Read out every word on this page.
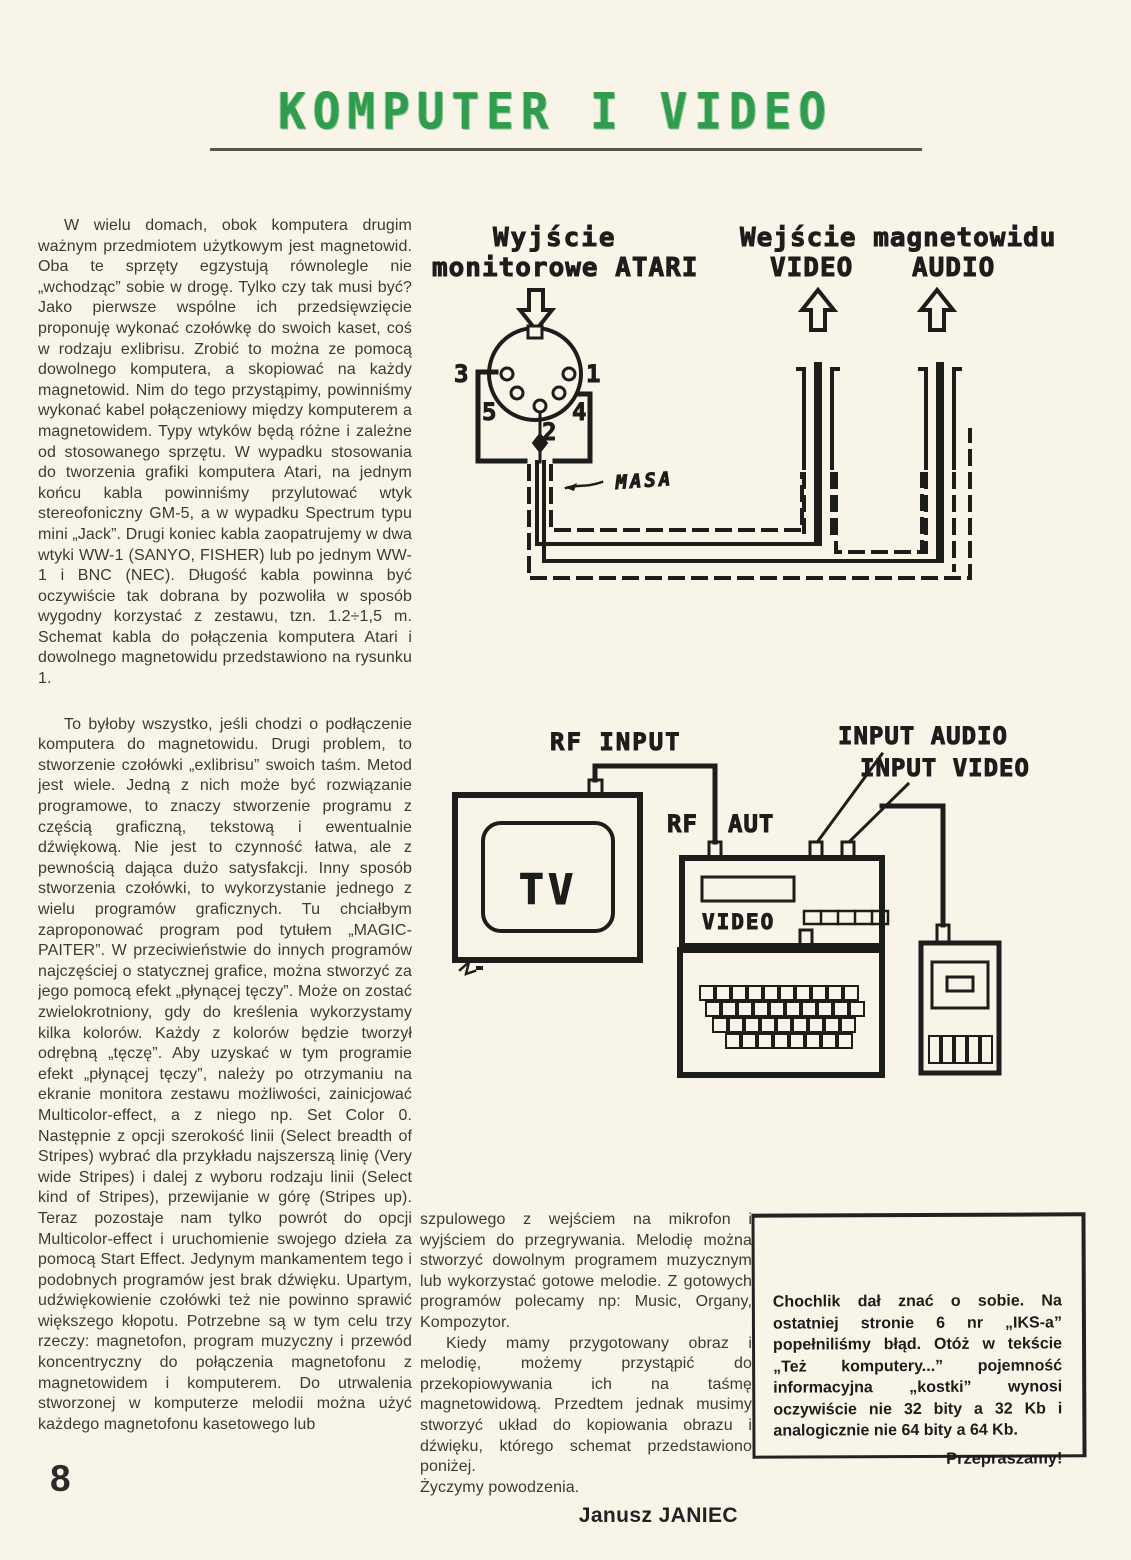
KOMPUTER I VIDEO

W wielu domach, obok komputera drugim ważnym przedmiotem użytkowym jest magnetowid. Oba te sprzęty egzystują równolegle nie „wchodząc” sobie w drogę. Tylko czy tak musi być? Jako pierwsze wspólne ich przedsięwzięcie proponuję wykonać czołówkę do swoich kaset, coś w rodzaju exlibrisu. Zrobić to można ze pomocą dowolnego komputera, a skopiować na każdy magnetowid. Nim do tego przystąpimy, powinniśmy wykonać kabel połączeniowy między komputerem a magnetowidem. Typy wtyków będą różne i zależne od stosowanego sprzętu. W wypadku stosowania do tworzenia grafiki komputera Atari, na jednym końcu kabla powinniśmy przylutować wtyk stereofoniczny GM-5, a w wypadku Spectrum typu mini „Jack”. Drugi koniec kabla zaopatrujemy w dwa wtyki WW-1 (SANYO, FISHER) lub po jednym WW-1 i BNC (NEC). Długość kabla powinna być oczywiście tak dobrana by pozwoliła w sposób wygodny korzystać z zestawu, tzn. 1.2÷1,5 m. Schemat kabla do połączenia komputera Atari i dowolnego magnetowidu przedstawiono na rysunku 1.

To byłoby wszystko, jeśli chodzi o podłączenie komputera do magnetowidu. Drugi problem, to stworzenie czołówki „exlibrisu” swoich taśm. Metod jest wiele. Jedną z nich może być rozwiązanie programowe, to znaczy stworzenie programu z częścią graficzną, tekstową i ewentualnie dźwiękową. Nie jest to czynność łatwa, ale z pewnością dająca dużo satysfakcji. Inny sposób stworzenia czołówki, to wykorzystanie jednego z wielu programów graficznych. Tu chciałbym zaproponować program pod tytułem „MAGIC-PAITER”. W przeciwieństwie do innych programów najczęściej o statycznej grafice, można stworzyć za jego pomocą efekt „płynącej tęczy”. Może on zostać zwielokrotniony, gdy do kreślenia wykorzystamy kilka kolorów. Każdy z kolorów będzie tworzył odrębną „tęczę”. Aby uzyskać w tym programie efekt „płynącej tęczy”, należy po otrzymaniu na ekranie monitora zestawu możliwości, zainicjować Multicolor-effect, a z niego np. Set Color 0. Następnie z opcji szerokość linii (Select breadth of Stripes) wybrać dla przykładu najszerszą linię (Very wide Stripes) i dalej z wyboru rodzaju linii (Select kind of Stripes), przewijanie w górę (Stripes up). Teraz pozostaje nam tylko powrót do opcji Multicolor-effect i uruchomienie swojego dzieła za pomocą Start Effect. Jedynym mankamentem tego i podobnych programów jest brak dźwięku. Upartym, udźwiękowienie czołówki też nie powinno sprawić większego kłopotu. Potrzebne są w tym celu trzy rzeczy: magnetofon, program muzyczny i przewód koncentryczny do połączenia magnetofonu z magnetowidem i komputerem. Do utrwalenia stworzonej w komputerze melodii można użyć każdego magnetofonu kasetowego lub

szpulowego z wejściem na mikrofon i wyjściem do przegrywania. Melodię można stworzyć dowolnym programem muzycznym lub wykorzystać gotowe melodie. Z gotowych programów polecamy np: Music, Organy, Kompozytor.

Kiedy mamy przygotowany obraz i melodię, możemy przystąpić do przekopiowywania ich na taśmę magnetowidową. Przedtem jednak musimy stworzyć układ do kopiowania obrazu i dźwięku, którego schemat przedstawiono poniżej.

Życzymy powodzenia.

Janusz JANIEC
Wyjście
monitorowe ATARI
Wejście magnetowidu
VIDEO AUDIO
3	1
5	4
2
MASA
RF INPUT	INPUT AUDIO
INPUT VIDEO
RF AUT
TV
VIDEO

Chochlik dał znać o sobie. Na ostatniej stronie 6 nr „IKS-a” popełniliśmy błąd. Otóż w tekście „Też komputery...” pojemność informacyjna „kostki” wynosi oczywiście nie 32 bity a 32 Kb i analogicznie nie 64 bity a 64 Kb.

Przepraszamy!
8
